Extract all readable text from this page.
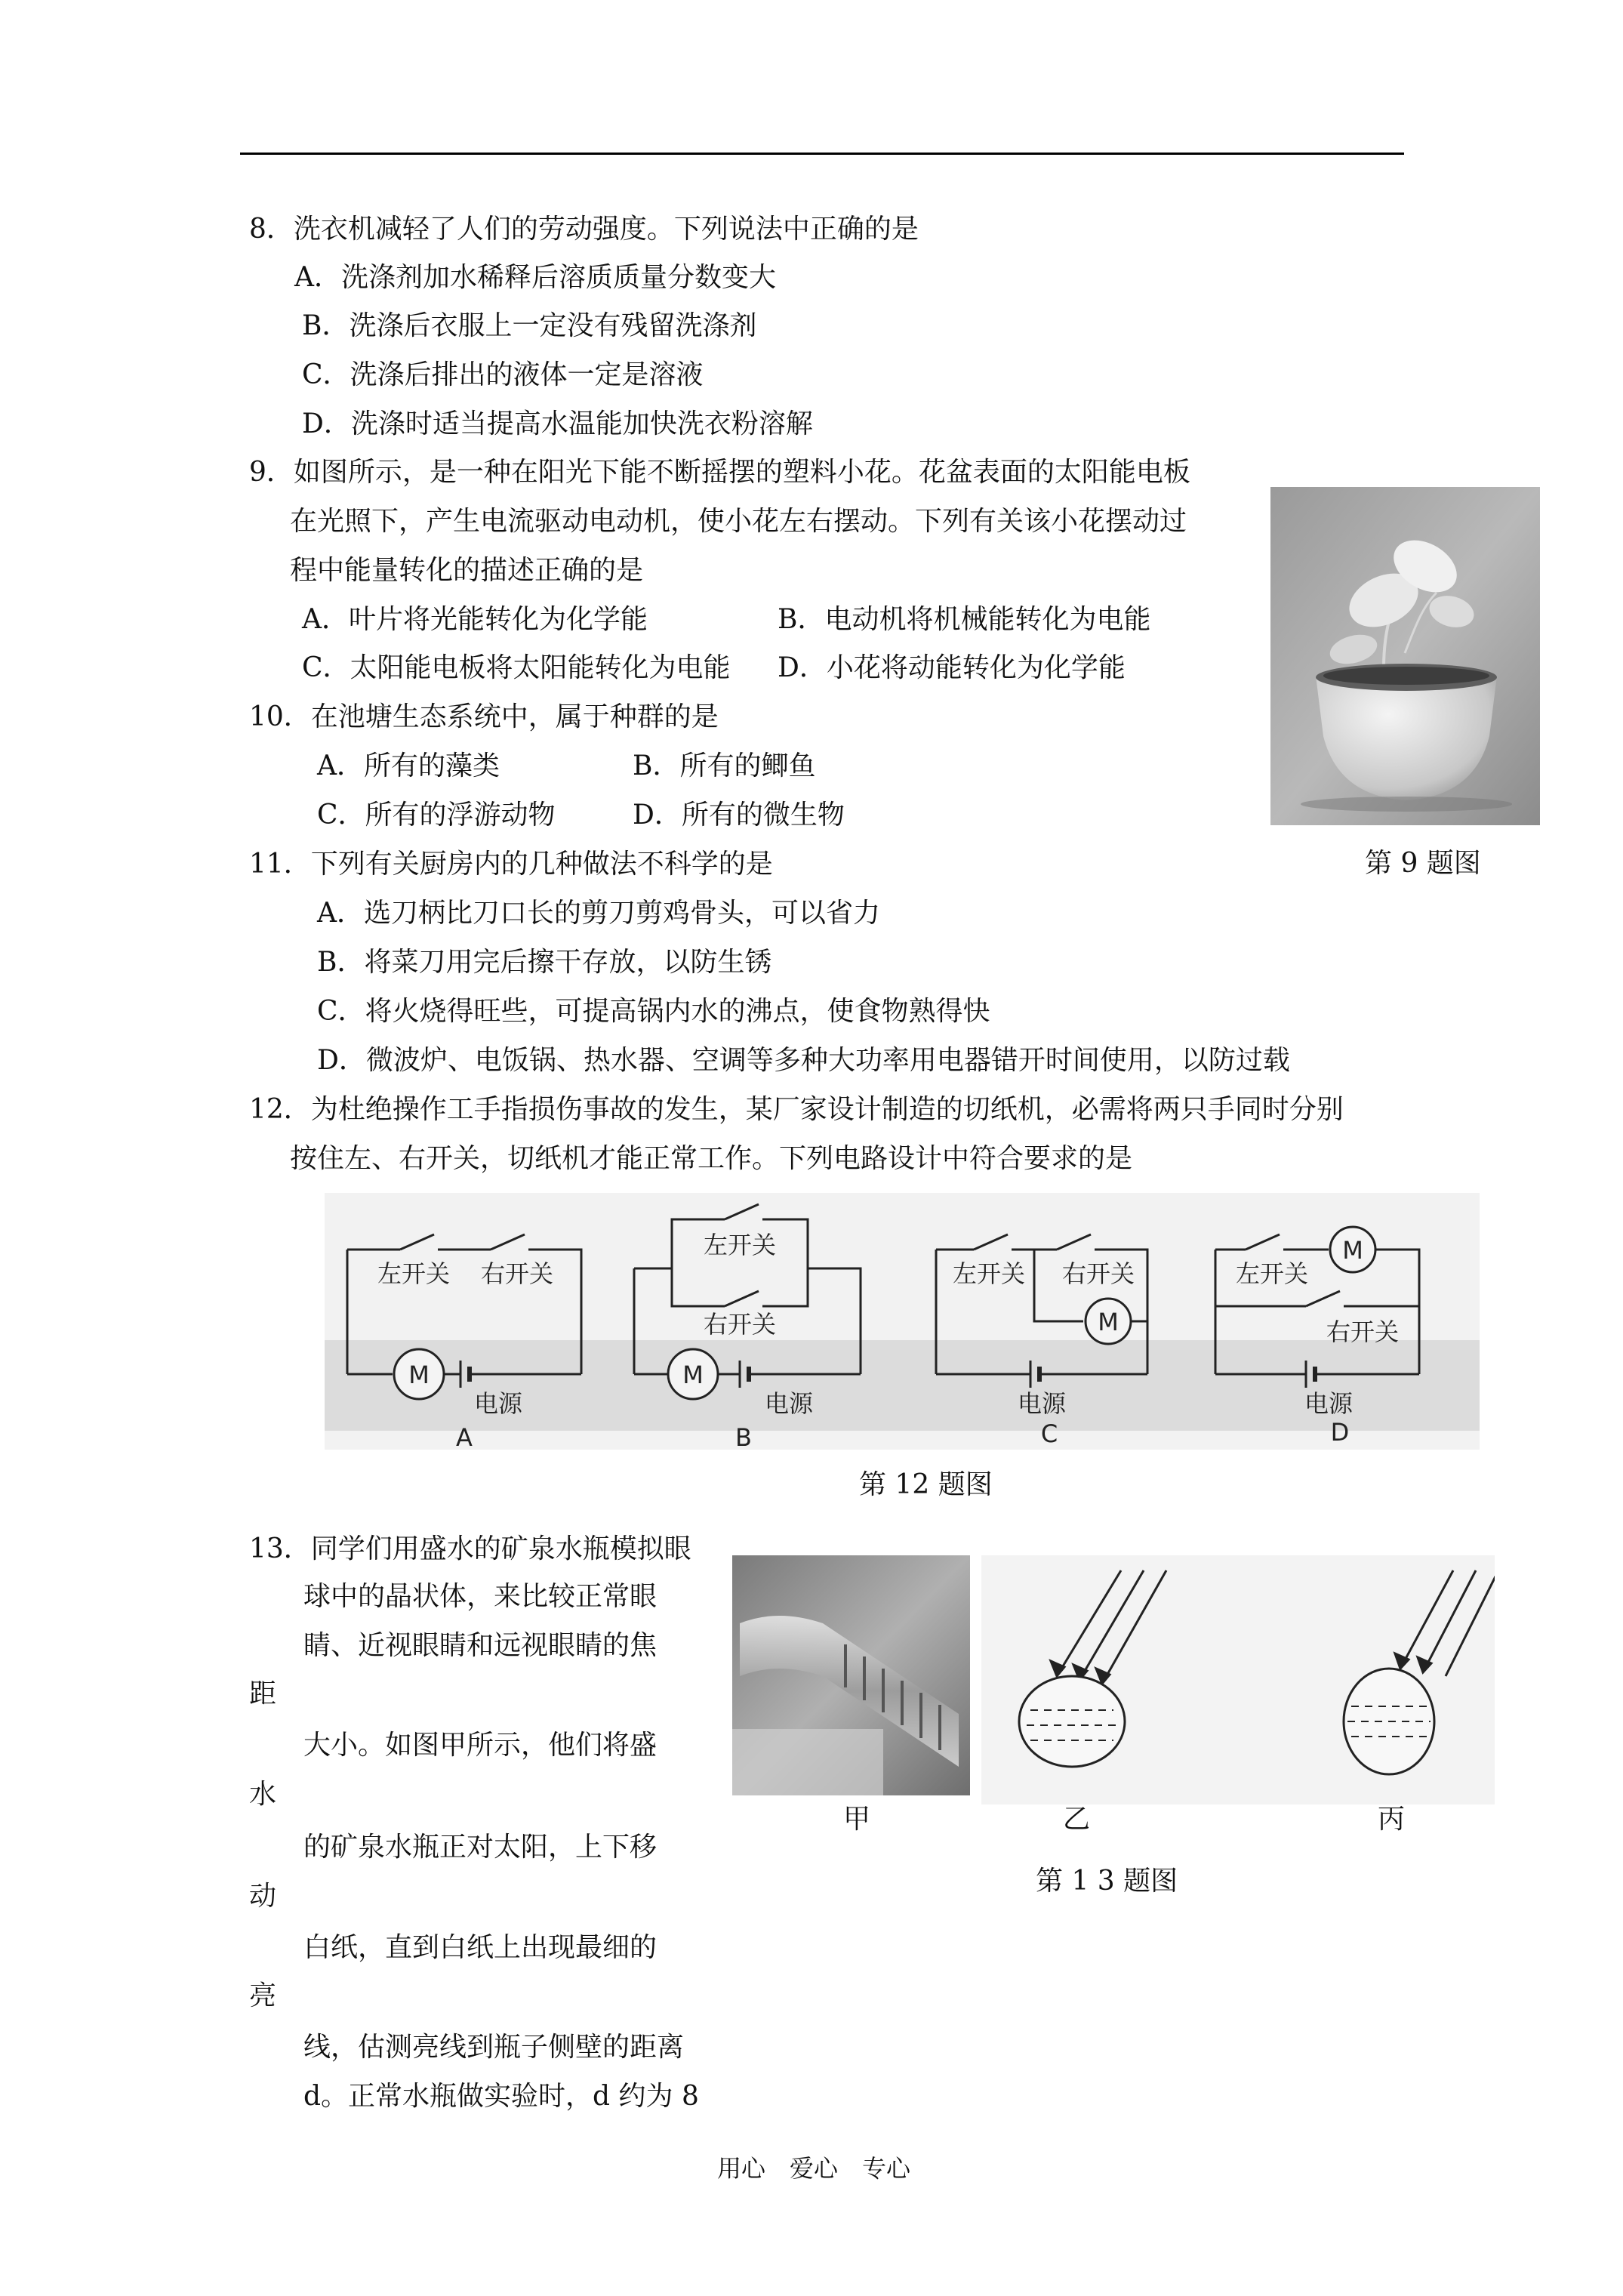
8．洗衣机减轻了人们的劳动强度。下列说法中正确的是
A．洗涤剂加水稀释后溶质质量分数变大
B．洗涤后衣服上一定没有残留洗涤剂
C．洗涤后排出的液体一定是溶液
D．洗涤时适当提高水温能加快洗衣粉溶解
9．如图所示，是一种在阳光下能不断摇摆的塑料小花。花盆表面的太阳能电板
在光照下，产生电流驱动电动机，使小花左右摆动。下列有关该小花摆动过
程中能量转化的描述正确的是
A．叶片将光能转化为化学能	B．电动机将机械能转化为电能
C．太阳能电板将太阳能转化为电能 D．小花将动能转化为化学能
第 9 题图
10．在池塘生态系统中，属于种群的是
A．所有的藻类	B．所有的鲫鱼
C．所有的浮游动物	D．所有的微生物
11．下列有关厨房内的几种做法不科学的是
A．选刀柄比刀口长的剪刀剪鸡骨头，可以省力
B．将菜刀用完后擦干存放，以防生锈
C．将火烧得旺些，可提高锅内水的沸点，使食物熟得快
D．微波炉、电饭锅、热水器、空调等多种大功率用电器错开时间使用，以防过载
12．为杜绝操作工手指损伤事故的发生，某厂家设计制造的切纸机，必需将两只手同时分别
按住左、右开关，切纸机才能正常工作。下列电路设计中符合要求的是
左开关 右开关
M
电源
A
左开关
右开关
M
电源
B
左开关 右开关
M
电源
C
左开关
M
右开关
电源
D
第 12 题图
13．同学们用盛水的矿泉水瓶模拟眼
球中的晶状体，来比较正常眼
睛、近视眼睛和远视眼睛的焦
距
大小。如图甲所示，他们将盛
水
的矿泉水瓶正对太阳，上下移
动
白纸，直到白纸上出现最细的
亮
线，估测亮线到瓶子侧壁的距离
d。正常水瓶做实验时，d 约为 8
甲	乙	丙
第 1 3 题图
用心　爱心　专心
